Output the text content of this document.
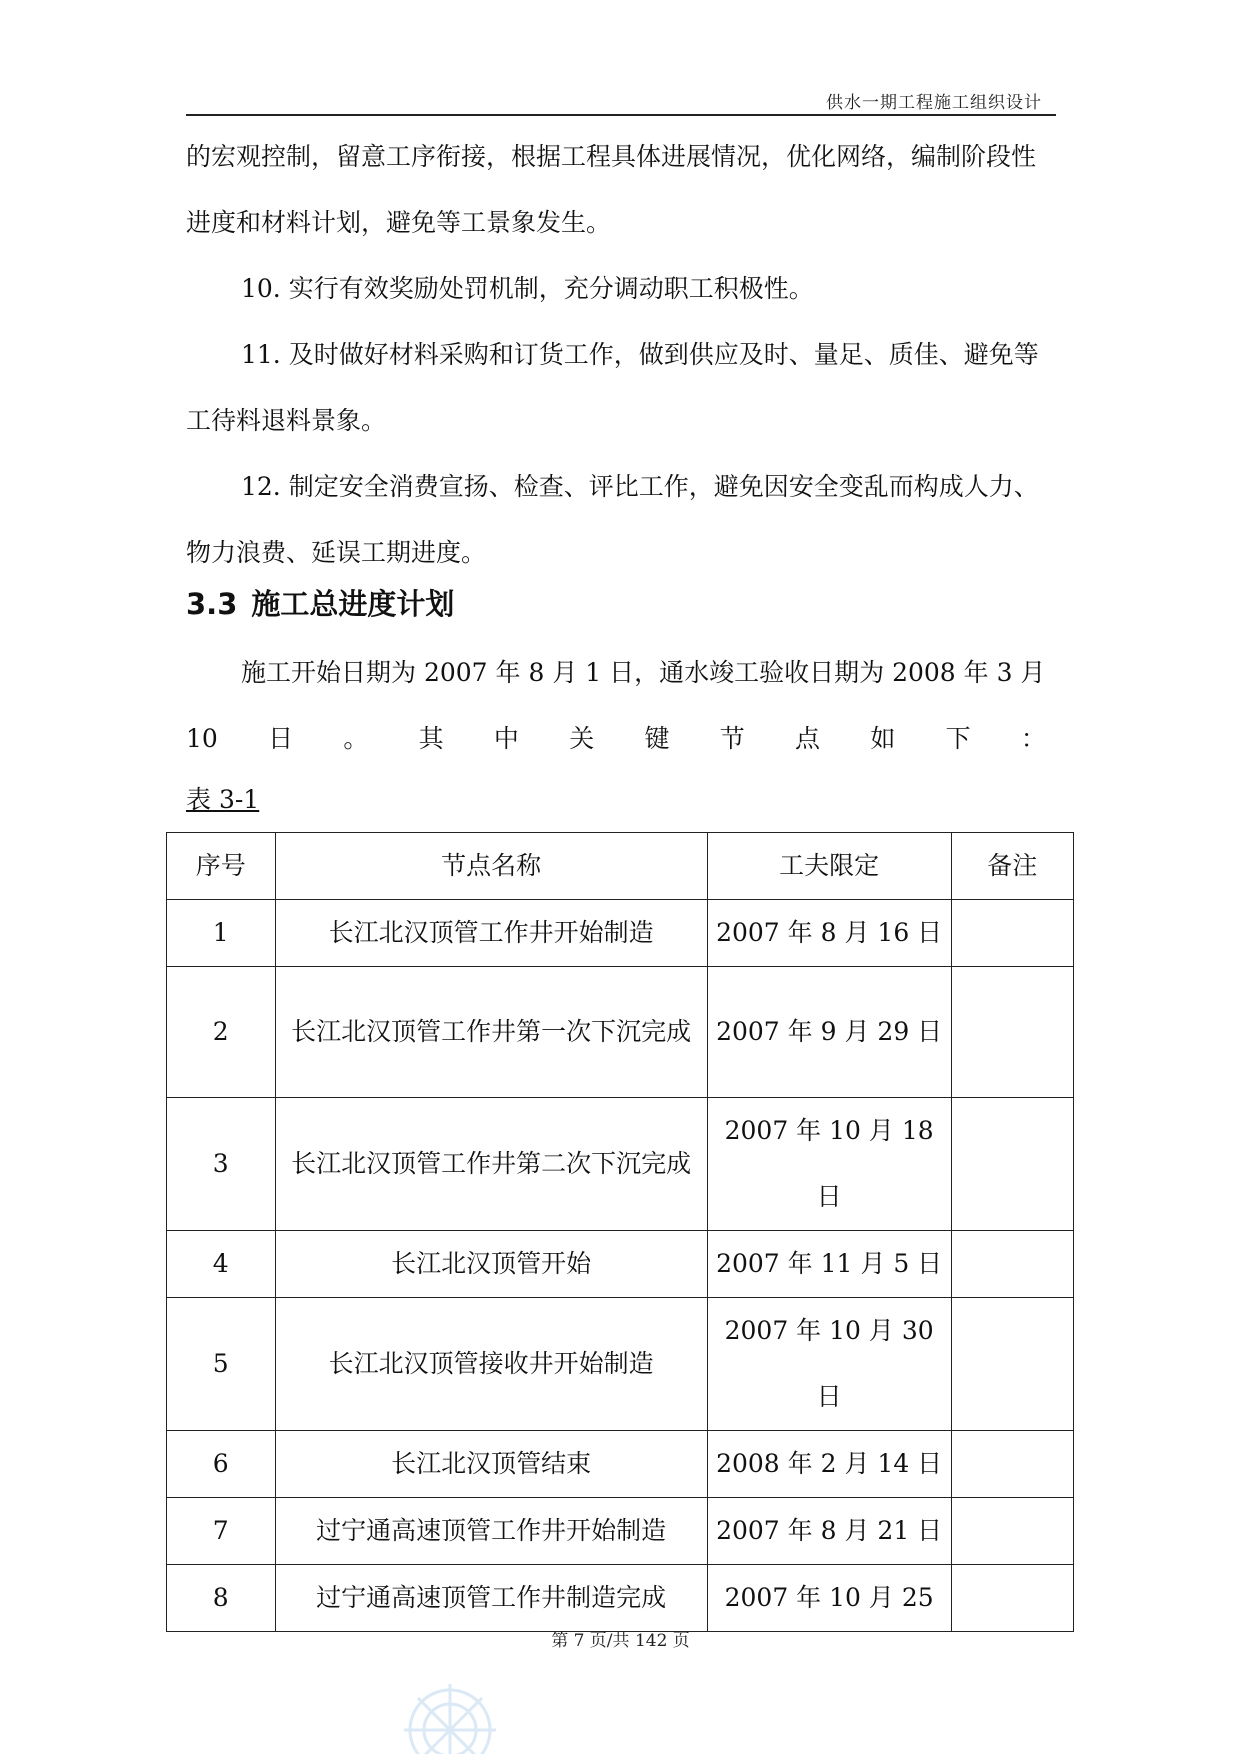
供水一期工程施工组织设计

的宏观控制，留意工序衔接，根据工程具体进展情况，优化网络，编制阶段性进度和材料计划，避免等工景象发生。

10. 实行有效奖励处罚机制，充分调动职工积极性。

11. 及时做好材料采购和订货工作，做到供应及时、量足、质佳、避免等工待料退料景象。

12. 制定安全消费宣扬、检查、评比工作，避免因安全变乱而构成人力、物力浪费、延误工期进度。

3.3 施工总进度计划
施工开始日期为 2007 年 8 月 1 日，通水竣工验收日期为 2008 年 3 月
10 日 。 其 中 关 键 节 点 如 下 ：
表 3-1
序号	节点名称	工夫限定	备注
1	长江北汉顶管工作井开始制造	2007 年 8 月 16 日	
2	长江北汉顶管工作井第一次下沉完成	2007 年 9 月 29 日	
3	长江北汉顶管工作井第二次下沉完成	2007 年 10 月 18 日	
4	长江北汉顶管开始	2007 年 11 月 5 日	
5	长江北汉顶管接收井开始制造	2007 年 10 月 30 日	
6	长江北汉顶管结束	2008 年 2 月 14 日	
7	过宁通高速顶管工作井开始制造	2007 年 8 月 21 日	
8	过宁通高速顶管工作井制造完成	2007 年 10 月 25	
第 7 页/共 142 页
